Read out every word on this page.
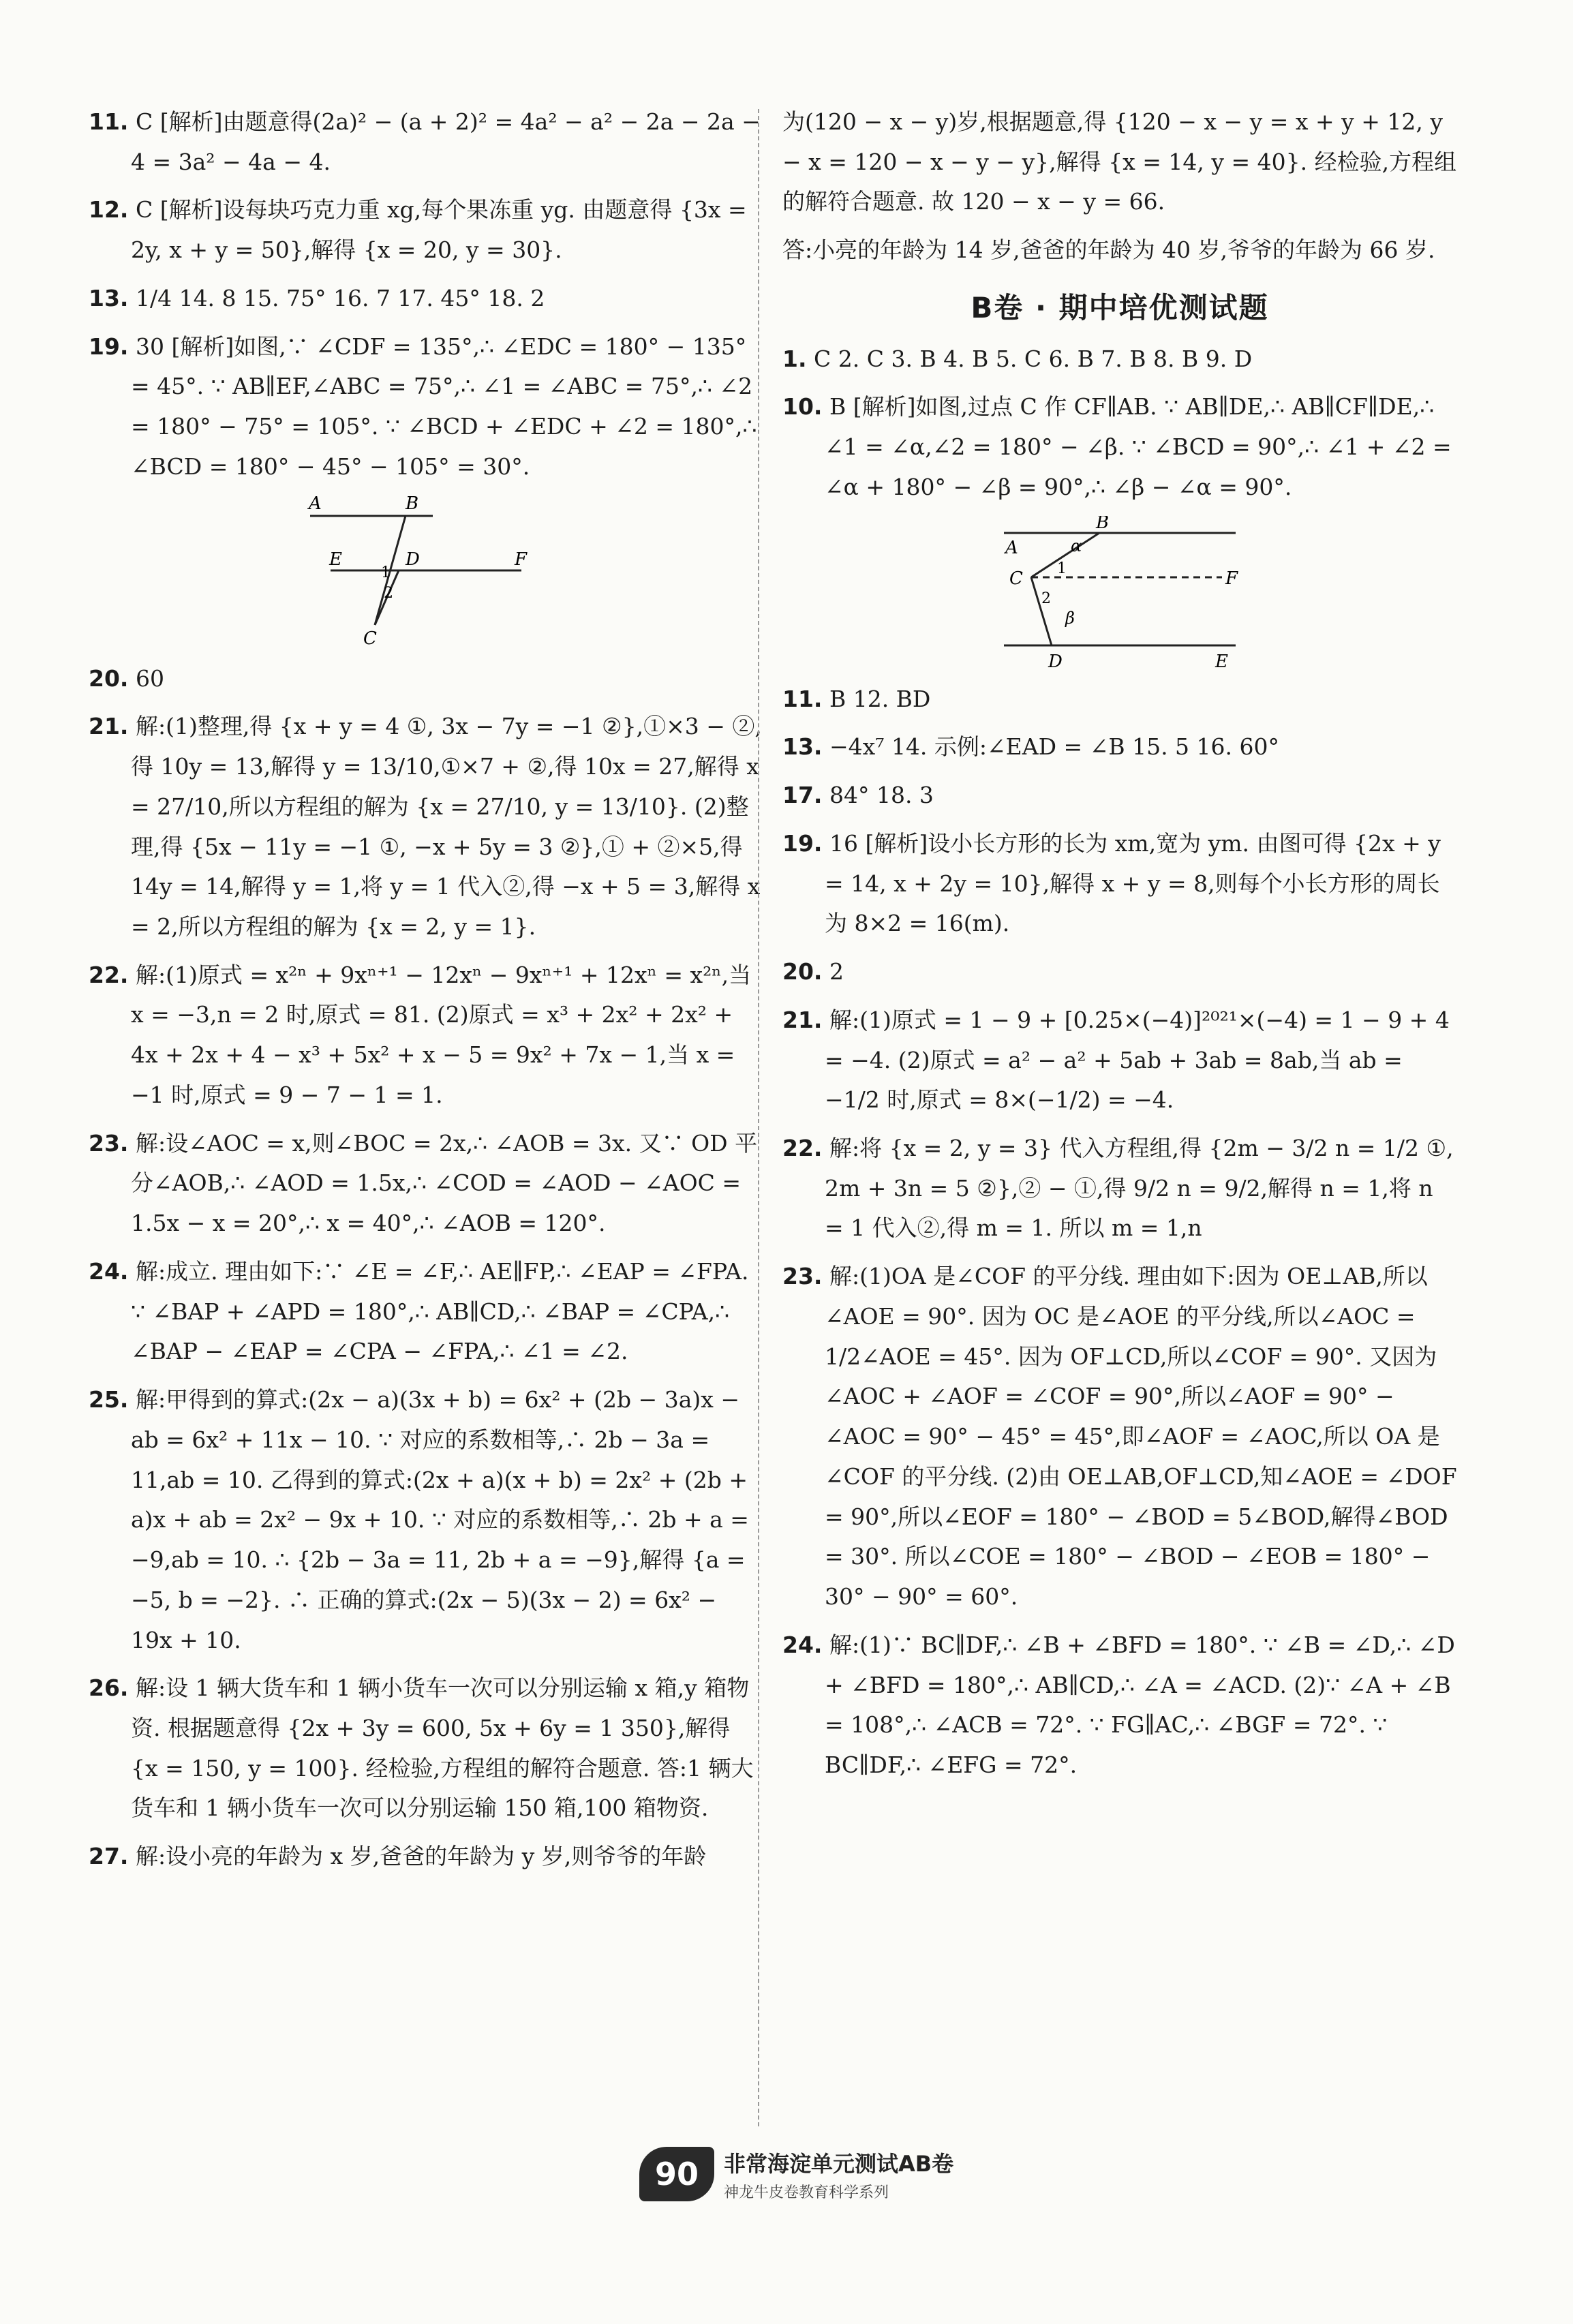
11. C [解析]由题意得(2a)² − (a + 2)² = 4a² − a² − 2a − 2a − 4 = 3a² − 4a − 4.
12. C [解析]设每块巧克力重 xg,每个果冻重 yg. 由题意得 {3x = 2y, x + y = 50},解得 {x = 20, y = 30}.
13. 1/4 14. 8 15. 75° 16. 7 17. 45° 18. 2
19. 30 [解析]如图,∵ ∠CDF = 135°,∴ ∠EDC = 180° − 135° = 45°. ∵ AB∥EF,∠ABC = 75°,∴ ∠1 = ∠ABC = 75°,∴ ∠2 = 180° − 75° = 105°. ∵ ∠BCD + ∠EDC + ∠2 = 180°,∴ ∠BCD = 180° − 45° − 105° = 30°.
A	B
E	D	F
C
1
2
20. 60
21. 解:(1)整理,得 {x + y = 4 ①, 3x − 7y = −1 ②},①×3 − ②,得 10y = 13,解得 y = 13/10,①×7 + ②,得 10x = 27,解得 x = 27/10,所以方程组的解为 {x = 27/10, y = 13/10}. (2)整理,得 {5x − 11y = −1 ①, −x + 5y = 3 ②},① + ②×5,得 14y = 14,解得 y = 1,将 y = 1 代入②,得 −x + 5 = 3,解得 x = 2,所以方程组的解为 {x = 2, y = 1}.
22. 解:(1)原式 = x²ⁿ + 9xⁿ⁺¹ − 12xⁿ − 9xⁿ⁺¹ + 12xⁿ = x²ⁿ,当 x = −3,n = 2 时,原式 = 81. (2)原式 = x³ + 2x² + 2x² + 4x + 2x + 4 − x³ + 5x² + x − 5 = 9x² + 7x − 1,当 x = −1 时,原式 = 9 − 7 − 1 = 1.
23. 解:设∠AOC = x,则∠BOC = 2x,∴ ∠AOB = 3x. 又∵ OD 平分∠AOB,∴ ∠AOD = 1.5x,∴ ∠COD = ∠AOD − ∠AOC = 1.5x − x = 20°,∴ x = 40°,∴ ∠AOB = 120°.
24. 解:成立. 理由如下:∵ ∠E = ∠F,∴ AE∥FP,∴ ∠EAP = ∠FPA. ∵ ∠BAP + ∠APD = 180°,∴ AB∥CD,∴ ∠BAP = ∠CPA,∴ ∠BAP − ∠EAP = ∠CPA − ∠FPA,∴ ∠1 = ∠2.
25. 解:甲得到的算式:(2x − a)(3x + b) = 6x² + (2b − 3a)x − ab = 6x² + 11x − 10. ∵ 对应的系数相等,∴ 2b − 3a = 11,ab = 10. 乙得到的算式:(2x + a)(x + b) = 2x² + (2b + a)x + ab = 2x² − 9x + 10. ∵ 对应的系数相等,∴ 2b + a = −9,ab = 10. ∴ {2b − 3a = 11, 2b + a = −9},解得 {a = −5, b = −2}. ∴ 正确的算式:(2x − 5)(3x − 2) = 6x² − 19x + 10.
26. 解:设 1 辆大货车和 1 辆小货车一次可以分别运输 x 箱,y 箱物资. 根据题意得 {2x + 3y = 600, 5x + 6y = 1 350},解得 {x = 150, y = 100}. 经检验,方程组的解符合题意. 答:1 辆大货车和 1 辆小货车一次可以分别运输 150 箱,100 箱物资.
27. 解:设小亮的年龄为 x 岁,爸爸的年龄为 y 岁,则爷爷的年龄
为(120 − x − y)岁,根据题意,得 {120 − x − y = x + y + 12, y − x = 120 − x − y − y},解得 {x = 14, y = 40}. 经检验,方程组的解符合题意. 故 120 − x − y = 66.
答:小亮的年龄为 14 岁,爸爸的年龄为 40 岁,爷爷的年龄为 66 岁.
B卷 · 期中培优测试题
1. C 2. C 3. B 4. B 5. C 6. B 7. B 8. B 9. D
10. B [解析]如图,过点 C 作 CF∥AB. ∵ AB∥DE,∴ AB∥CF∥DE,∴ ∠1 = ∠α,∠2 = 180° − ∠β. ∵ ∠BCD = 90°,∴ ∠1 + ∠2 = ∠α + 180° − ∠β = 90°,∴ ∠β − ∠α = 90°.
A
B
α
C 1	F
2
β
D	E
11. B 12. BD
13. −4x⁷ 14. 示例:∠EAD = ∠B 15. 5 16. 60°
17. 84° 18. 3
19. 16 [解析]设小长方形的长为 xm,宽为 ym. 由图可得 {2x + y = 14, x + 2y = 10},解得 x + y = 8,则每个小长方形的周长为 8×2 = 16(m).
20. 2
21. 解:(1)原式 = 1 − 9 + [0.25×(−4)]²⁰²¹×(−4) = 1 − 9 + 4 = −4. (2)原式 = a² − a² + 5ab + 3ab = 8ab,当 ab = −1/2 时,原式 = 8×(−1/2) = −4.
22. 解:将 {x = 2, y = 3} 代入方程组,得 {2m − 3/2 n = 1/2 ①, 2m + 3n = 5 ②},② − ①,得 9/2 n = 9/2,解得 n = 1,将 n = 1 代入②,得 m = 1. 所以 m = 1,n
23. 解:(1)OA 是∠COF 的平分线. 理由如下:因为 OE⊥AB,所以∠AOE = 90°. 因为 OC 是∠AOE 的平分线,所以∠AOC = 1/2∠AOE = 45°. 因为 OF⊥CD,所以∠COF = 90°. 又因为∠AOC + ∠AOF = ∠COF = 90°,所以∠AOF = 90° − ∠AOC = 90° − 45° = 45°,即∠AOF = ∠AOC,所以 OA 是∠COF 的平分线. (2)由 OE⊥AB,OF⊥CD,知∠AOE = ∠DOF = 90°,所以∠EOF = 180° − ∠BOD = 5∠BOD,解得∠BOD = 30°. 所以∠COE = 180° − ∠BOD − ∠EOB = 180° − 30° − 90° = 60°.
24. 解:(1)∵ BC∥DF,∴ ∠B + ∠BFD = 180°. ∵ ∠B = ∠D,∴ ∠D + ∠BFD = 180°,∴ AB∥CD,∴ ∠A = ∠ACD. (2)∵ ∠A + ∠B = 108°,∴ ∠ACB = 72°. ∵ FG∥AC,∴ ∠BGF = 72°. ∵ BC∥DF,∴ ∠EFG = 72°.
90	非常海淀单元测试AB卷
神龙牛皮卷教育科学系列
